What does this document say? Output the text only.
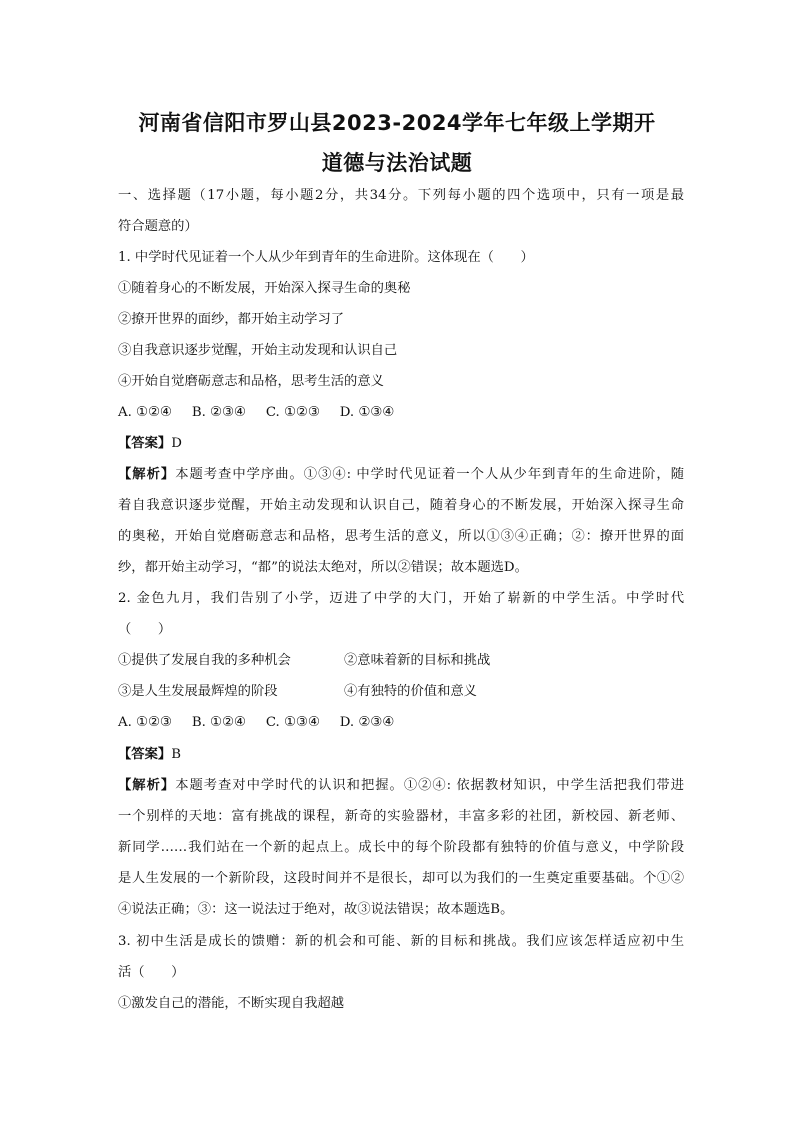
河南省信阳市罗山县2023-2024学年七年级上学期开
道德与法治试题
一、选择题（17小题，每小题2分，共34分。下列每小题的四个选项中，只有一项是最
符合题意的）
1. 中学时代见证着一个人从少年到青年的生命进阶。这体现在（　　）
①随着身心的不断发展，开始深入探寻生命的奥秘
②撩开世界的面纱，都开始主动学习了
③自我意识逐步觉醒，开始主动发现和认识自己
④开始自觉磨砺意志和品格，思考生活的意义
A. ①②④ B. ②③④ C. ①②③ D. ①③④
【答案】D
【解析】本题考查中学序曲。①③④: 中学时代见证着一个人从少年到青年的生命进阶，随
着自我意识逐步觉醒，开始主动发现和认识自己，随着身心的不断发展，开始深入探寻生命
的奥秘，开始自觉磨砺意志和品格，思考生活的意义，所以①③④正确；②：撩开世界的面
纱，都开始主动学习，“都”的说法太绝对，所以②错误；故本题选D。
2. 金色九月，我们告别了小学，迈进了中学的大门，开始了崭新的中学生活。中学时代
（　　）
①提供了发展自我的多种机会	②意味着新的目标和挑战
③是人生发展最辉煌的阶段	④有独特的价值和意义
A. ①②③ B. ①②④ C. ①③④ D. ②③④
【答案】B
【解析】本题考查对中学时代的认识和把握。①②④: 依据教材知识，中学生活把我们带进
一个别样的天地：富有挑战的课程，新奇的实验器材，丰富多彩的社团，新校园、新老师、
新同学……我们站在一个新的起点上。成长中的每个阶段都有独特的价值与意义，中学阶段
是人生发展的一个新阶段，这段时间并不是很长，却可以为我们的一生奠定重要基础。个①②
④说法正确；③：这一说法过于绝对，故③说法错误；故本题选B。
3. 初中生活是成长的馈赠：新的机会和可能、新的目标和挑战。我们应该怎样适应初中生
活（　　）
①激发自己的潜能，不断实现自我超越
